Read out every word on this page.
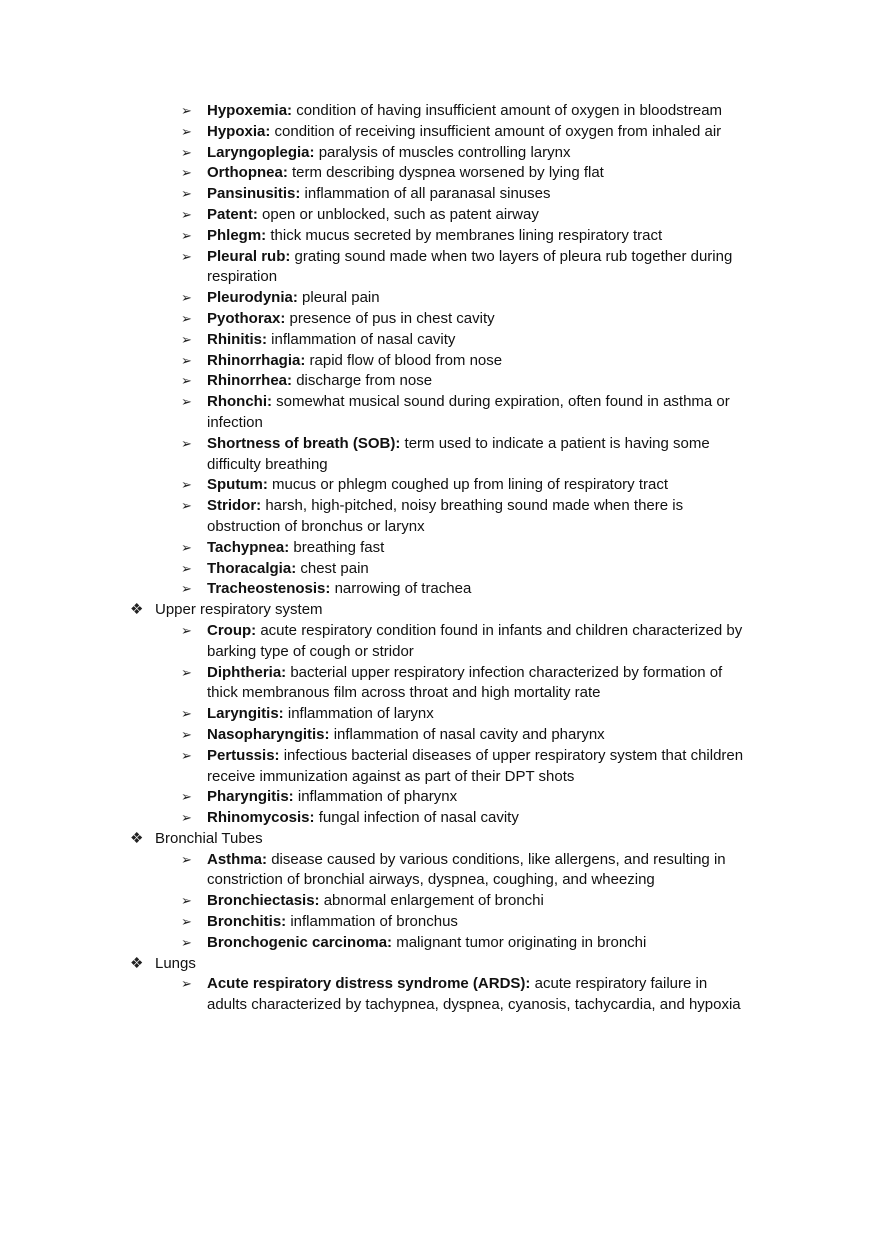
➢ Hypoxemia: condition of having insufficient amount of oxygen in bloodstream
➢ Hypoxia: condition of receiving insufficient amount of oxygen from inhaled air
➢ Laryngoplegia: paralysis of muscles controlling larynx
➢ Orthopnea: term describing dyspnea worsened by lying flat
➢ Pansinusitis: inflammation of all paranasal sinuses
➢ Patent: open or unblocked, such as patent airway
➢ Phlegm: thick mucus secreted by membranes lining respiratory tract
➢ Pleural rub: grating sound made when two layers of pleura rub together during
respiration
➢ Pleurodynia: pleural pain
➢ Pyothorax: presence of pus in chest cavity
➢ Rhinitis: inflammation of nasal cavity
➢ Rhinorrhagia: rapid flow of blood from nose
➢ Rhinorrhea: discharge from nose
➢ Rhonchi: somewhat musical sound during expiration, often found in asthma or
infection
➢ Shortness of breath (SOB): term used to indicate a patient is having some
difficulty breathing
➢ Sputum: mucus or phlegm coughed up from lining of respiratory tract
➢ Stridor: harsh, high-pitched, noisy breathing sound made when there is
obstruction of bronchus or larynx
➢ Tachypnea: breathing fast
➢ Thoracalgia: chest pain
➢ Tracheostenosis: narrowing of trachea
❖ Upper respiratory system
➢ Croup: acute respiratory condition found in infants and children characterized by
barking type of cough or stridor
➢ Diphtheria: bacterial upper respiratory infection characterized by formation of
thick membranous film across throat and high mortality rate
➢ Laryngitis: inflammation of larynx
➢ Nasopharyngitis: inflammation of nasal cavity and pharynx
➢ Pertussis: infectious bacterial diseases of upper respiratory system that children
receive immunization against as part of their DPT shots
➢ Pharyngitis: inflammation of pharynx
➢ Rhinomycosis: fungal infection of nasal cavity
❖ Bronchial Tubes
➢ Asthma: disease caused by various conditions, like allergens, and resulting in
constriction of bronchial airways, dyspnea, coughing, and wheezing
➢ Bronchiectasis: abnormal enlargement of bronchi
➢ Bronchitis: inflammation of bronchus
➢ Bronchogenic carcinoma: malignant tumor originating in bronchi
❖ Lungs
➢ Acute respiratory distress syndrome (ARDS): acute respiratory failure in
adults characterized by tachypnea, dyspnea, cyanosis, tachycardia, and hypoxia
